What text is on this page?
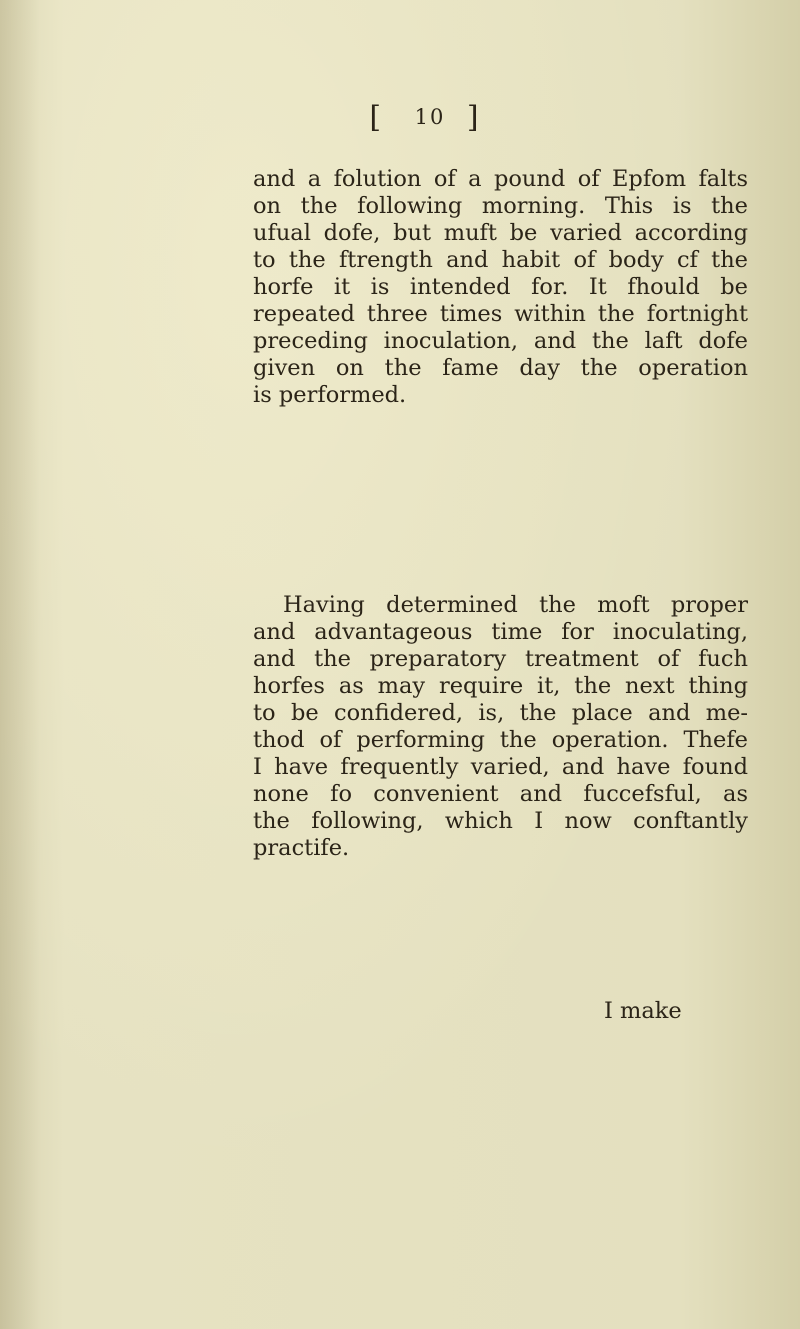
[ 10 ]
and a folution of a pound of Epfom falts
on the following morning. This is the
ufual dofe, but muft be varied according
to the ftrength and habit of body cf the
horfe it is intended for. It fhould be
repeated three times within the fortnight
preceding inoculation, and the laft dofe
given on the fame day the operation
is performed.
Having determined the moft proper
and advantageous time for inoculating,
and the preparatory treatment of fuch
horfes as may require it, the next thing
to be confidered, is, the place and me-
thod of performing the operation. Thefe
I have frequently varied, and have found
none fo convenient and fuccefsful, as
the following, which I now conftantly
practife.
I make
